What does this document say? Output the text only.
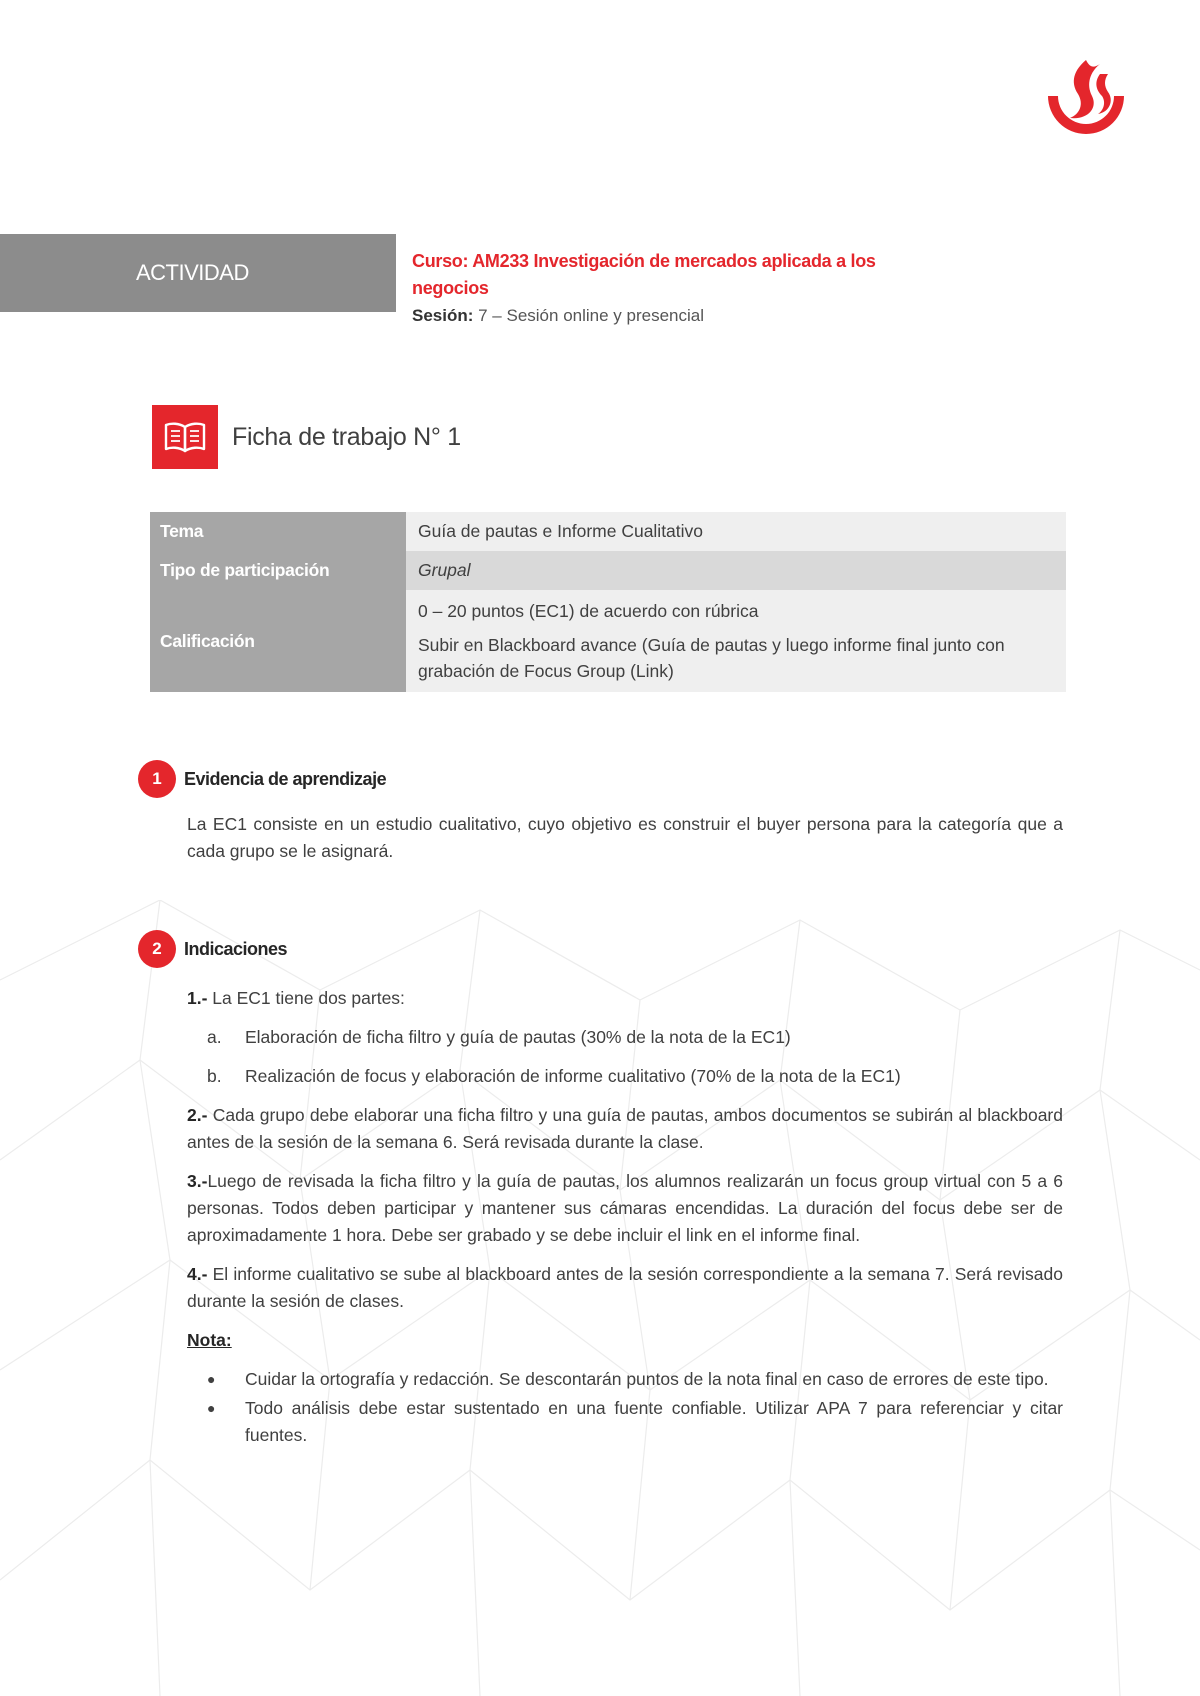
ACTIVIDAD	Curso: AM233 Investigación de mercados aplicada a los negocios
Sesión: 7 – Sesión online y presencial
Ficha de trabajo N° 1
Tema	Guía de pautas e Informe Cualitativo
Tipo de participación	Grupal
Calificación	0 – 20 puntos (EC1) de acuerdo con rúbrica

Subir en Blackboard avance (Guía de pautas y luego informe final junto con grabación de Focus Group (Link)

1	Evidencia de aprendizaje

La EC1 consiste en un estudio cualitativo, cuyo objetivo es construir el buyer persona para la categoría que a cada grupo se le asignará.

2	Indicaciones

1.- La EC1 tiene dos partes:

a.	Elaboración de ficha filtro y guía de pautas (30% de la nota de la EC1)
b.	Realización de focus y elaboración de informe cualitativo (70% de la nota de la EC1)

2.- Cada grupo debe elaborar una ficha filtro y una guía de pautas, ambos documentos se subirán al blackboard antes de la sesión de la semana 6. Será revisada durante la clase.

3.-Luego de revisada la ficha filtro y la guía de pautas, los alumnos realizarán un focus group virtual con 5 a 6 personas. Todos deben participar y mantener sus cámaras encendidas. La duración del focus debe ser de aproximadamente 1 hora. Debe ser grabado y se debe incluir el link en el informe final.

4.- El informe cualitativo se sube al blackboard antes de la sesión correspondiente a la semana 7. Será revisado durante la sesión de clases.

Nota:
●	Cuidar la ortografía y redacción. Se descontarán puntos de la nota final en caso de errores de este tipo.
●	Todo análisis debe estar sustentado en una fuente confiable. Utilizar APA 7 para referenciar y citar fuentes.
